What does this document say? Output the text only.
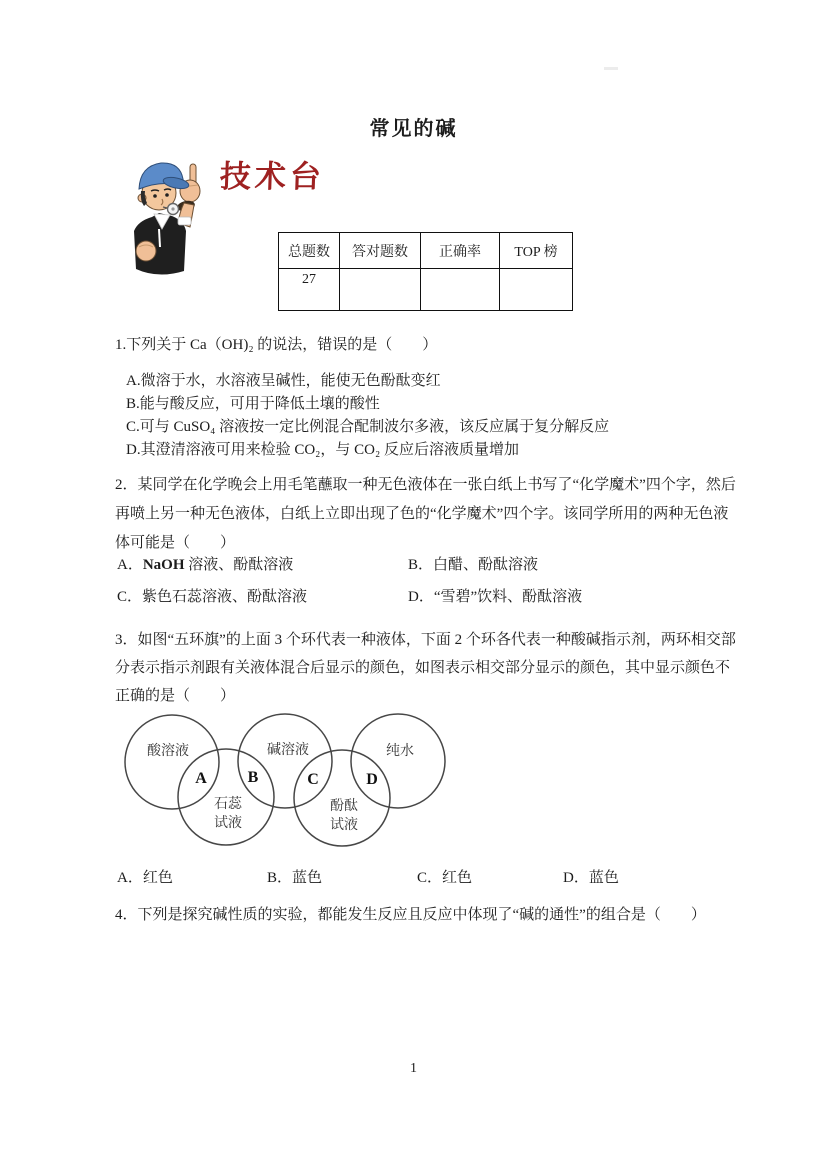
常见的碱
技术台
总题数	答对题数	正确率	TOP 榜
27			
1.下列关于 Ca（OH)₂ 的说法，错误的是（　　）
A.微溶于水，水溶液呈碱性，能使无色酚酞变红
B.能与酸反应，可用于降低土壤的酸性
C.可与 CuSO₄ 溶液按一定比例混合配制波尔多液，该反应属于复分解反应
D.其澄清溶液可用来检验 CO₂，与 CO₂ 反应后溶液质量增加
2．某同学在化学晚会上用毛笔蘸取一种无色液体在一张白纸上书写了“化学魔术”四个字，然后再喷上另一种无色液体，白纸上立即出现了色的“化学魔术”四个字。该同学所用的两种无色液体可能是（　　）
A．NaOH 溶液、酚酞溶液	B．白醋、酚酞溶液
C．紫色石蕊溶液、酚酞溶液	D．“雪碧”饮料、酚酞溶液
3．如图“五环旗”的上面 3 个环代表一种液体，下面 2 个环各代表一种酸碱指示剂，两环相交部分表示指示剂跟有关液体混合后显示的颜色，如图表示相交部分显示的颜色，其中显示颜色不正确的是（　　）
酸溶液	碱溶液	纯水
A	B	C	D
石蕊
试液
酚酞
试液
A．红色	B．蓝色	C．红色	D．蓝色
4．下列是探究碱性质的实验，都能发生反应且反应中体现了“碱的通性”的组合是（　　）
1
